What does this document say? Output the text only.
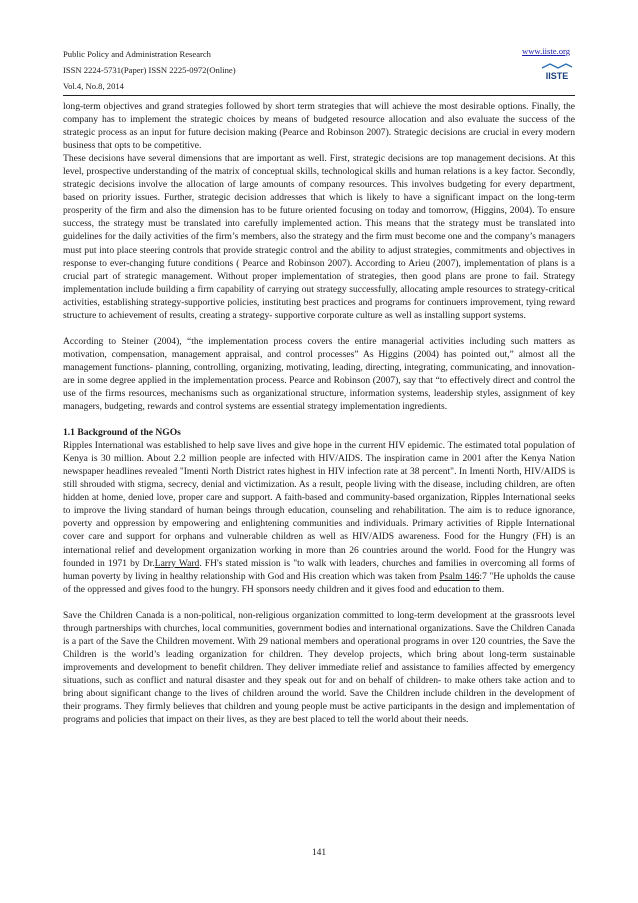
Public Policy and Administration Research
ISSN 2224-5731(Paper) ISSN 2225-0972(Online)
Vol.4, No.8, 2014
www.iiste.org
IISTE

long-term objectives and grand strategies followed by short term strategies that will achieve the most desirable options. Finally, the company has to implement the strategic choices by means of budgeted resource allocation and also evaluate the success of the strategic process as an input for future decision making (Pearce and Robinson 2007). Strategic decisions are crucial in every modern business that opts to be competitive.

These decisions have several dimensions that are important as well. First, strategic decisions are top management decisions. At this level, prospective understanding of the matrix of conceptual skills, technological skills and human relations is a key factor. Secondly, strategic decisions involve the allocation of large amounts of company resources. This involves budgeting for every department, based on priority issues. Further, strategic decision addresses that which is likely to have a significant impact on the long-term prosperity of the firm and also the dimension has to be future oriented focusing on today and tomorrow, (Higgins, 2004). To ensure success, the strategy must be translated into carefully implemented action. This means that the strategy must be translated into guidelines for the daily activities of the firm’s members, also the strategy and the firm must become one and the company’s managers must put into place steering controls that provide strategic control and the ability to adjust strategies, commitments and objectives in response to ever-changing future conditions ( Pearce and Robinson 2007). According to Arieu (2007), implementation of plans is a crucial part of strategic management. Without proper implementation of strategies, then good plans are prone to fail. Strategy implementation include building a firm capability of carrying out strategy successfully, allocating ample resources to strategy-critical activities, establishing strategy-supportive policies, instituting best practices and programs for continuers improvement, tying reward structure to achievement of results, creating a strategy- supportive corporate culture as well as installing support systems.

According to Steiner (2004), “the implementation process covers the entire managerial activities including such matters as motivation, compensation, management appraisal, and control processes” As Higgins (2004) has pointed out,” almost all the management functions- planning, controlling, organizing, motivating, leading, directing, integrating, communicating, and innovation- are in some degree applied in the implementation process. Pearce and Robinson (2007), say that “to effectively direct and control the use of the firms resources, mechanisms such as organizational structure, information systems, leadership styles, assignment of key managers, budgeting, rewards and control systems are essential strategy implementation ingredients.

1.1 Background of the NGOs

Ripples International was established to help save lives and give hope in the current HIV epidemic. The estimated total population of Kenya is 30 million. About 2.2 million people are infected with HIV/AIDS. The inspiration came in 2001 after the Kenya Nation newspaper headlines revealed "Imenti North District rates highest in HIV infection rate at 38 percent". In Imenti North, HIV/AIDS is still shrouded with stigma, secrecy, denial and victimization. As a result, people living with the disease, including children, are often hidden at home, denied love, proper care and support. A faith-based and community-based organization, Ripples International seeks to improve the living standard of human beings through education, counseling and rehabilitation. The aim is to reduce ignorance, poverty and oppression by empowering and enlightening communities and individuals. Primary activities of Ripple International cover care and support for orphans and vulnerable children as well as HIV/AIDS awareness. Food for the Hungry (FH) is an international relief and development organization working in more than 26 countries around the world. Food for the Hungry was founded in 1971 by Dr.Larry Ward. FH's stated mission is "to walk with leaders, churches and families in overcoming all forms of human poverty by living in healthy relationship with God and His creation which was taken from Psalm 146:7 "He upholds the cause of the oppressed and gives food to the hungry. FH sponsors needy children and it gives food and education to them.

Save the Children Canada is a non-political, non-religious organization committed to long-term development at the grassroots level through partnerships with churches, local communities, government bodies and international organizations. Save the Children Canada is a part of the Save the Children movement. With 29 national members and operational programs in over 120 countries, the Save the Children is the world’s leading organization for children. They develop projects, which bring about long-term sustainable improvements and development to benefit children. They deliver immediate relief and assistance to families affected by emergency situations, such as conflict and natural disaster and they speak out for and on behalf of children- to make others take action and to bring about significant change to the lives of children around the world. Save the Children include children in the development of their programs. They firmly believes that children and young people must be active participants in the design and implementation of programs and policies that impact on their lives, as they are best placed to tell the world about their needs.

141
